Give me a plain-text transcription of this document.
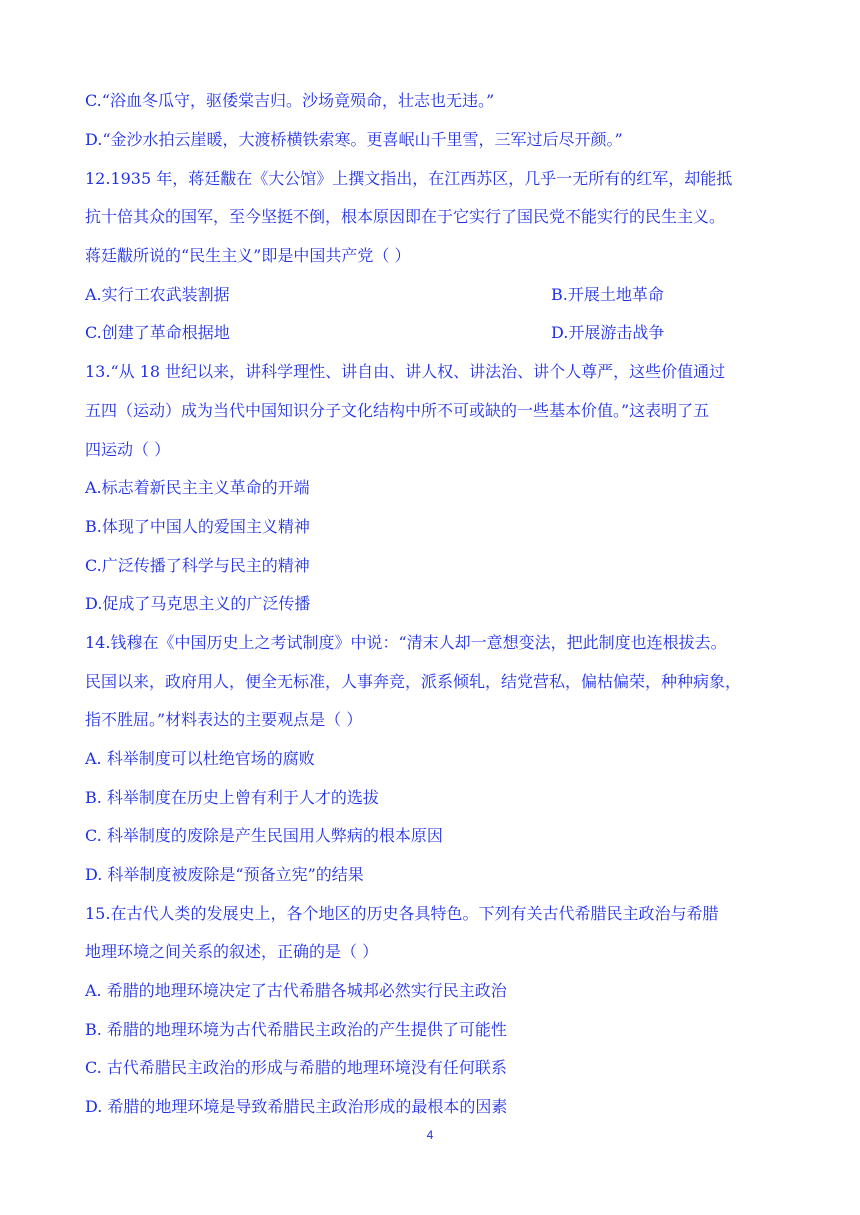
C.“浴血冬瓜守，驱倭棠吉归。沙场竟殒命，壮志也无违。”
D.“金沙水拍云崖暖，大渡桥横铁索寒。更喜岷山千里雪，三军过后尽开颜。”
12.1935 年，蒋廷黻在《大公馆》上撰文指出，在江西苏区，几乎一无所有的红军，却能抵
抗十倍其众的国军，至今坚挺不倒，根本原因即在于它实行了国民党不能实行的民生主义。
蒋廷黻所说的“民生主义”即是中国共产党（ ）
A.实行工农武装割据	B.开展土地革命
C.创建了革命根据地	D.开展游击战争
13.“从 18 世纪以来，讲科学理性、讲自由、讲人权、讲法治、讲个人尊严，这些价值通过
五四（运动）成为当代中国知识分子文化结构中所不可或缺的一些基本价值。”这表明了五
四运动（ ）
A.标志着新民主主义革命的开端
B.体现了中国人的爱国主义精神
C.广泛传播了科学与民主的精神
D.促成了马克思主义的广泛传播
14.钱穆在《中国历史上之考试制度》中说：“清末人却一意想变法，把此制度也连根拔去。
民国以来，政府用人，便全无标准，人事奔竞，派系倾轧，结党营私，偏枯偏荣，种种病象，
指不胜屈。”材料表达的主要观点是（ ）
A. 科举制度可以杜绝官场的腐败
B. 科举制度在历史上曾有利于人才的选拔
C. 科举制度的废除是产生民国用人弊病的根本原因
D. 科举制度被废除是“预备立宪”的结果
15.在古代人类的发展史上，各个地区的历史各具特色。下列有关古代希腊民主政治与希腊
地理环境之间关系的叙述，正确的是（ ）
A. 希腊的地理环境决定了古代希腊各城邦必然实行民主政治
B. 希腊的地理环境为古代希腊民主政治的产生提供了可能性
C. 古代希腊民主政治的形成与希腊的地理环境没有任何联系
D. 希腊的地理环境是导致希腊民主政治形成的最根本的因素
4
